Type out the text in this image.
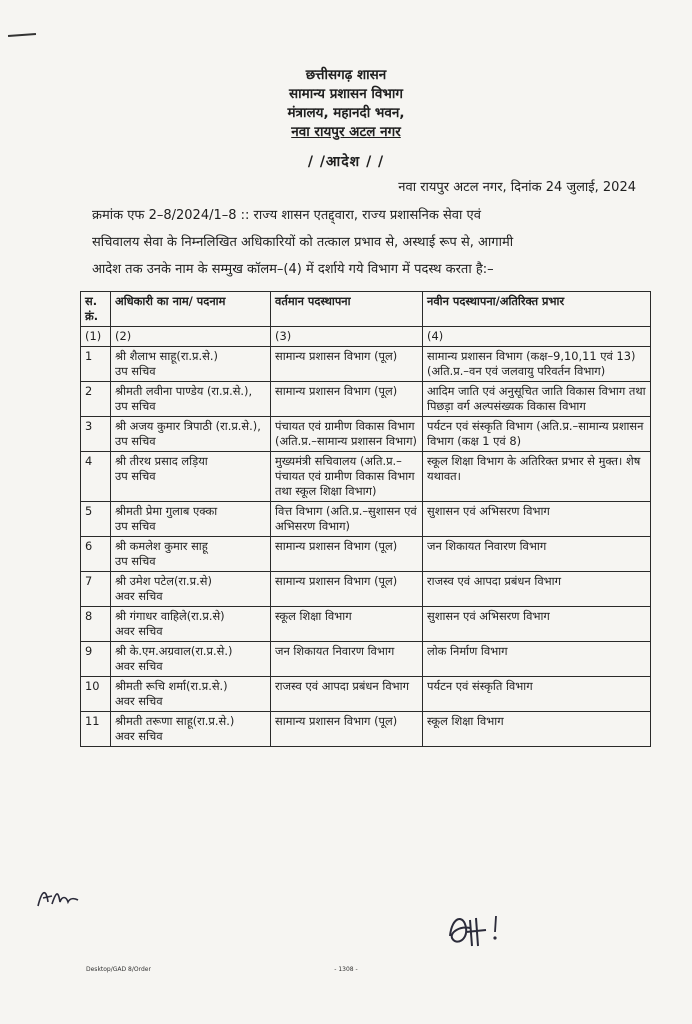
छत्तीसगढ़ शासन
सामान्य प्रशासन विभाग
मंत्रालय, महानदी भवन,
नवा रायपुर अटल नगर
/ /आदेश / /
नवा रायपुर अटल नगर, दिनांक 24 जुलाई, 2024
क्रमांक एफ 2–8/2024/1–8 :: राज्य शासन एतद्द्वारा, राज्य प्रशासनिक सेवा एवं
सचिवालय सेवा के निम्नलिखित अधिकारियों को तत्काल प्रभाव से, अस्थाई रूप से, आगामी
आदेश तक उनके नाम के सम्मुख कॉलम–(4) में दर्शाये गये विभाग में पदस्थ करता है:–
स. क्रं.	अधिकारी का नाम/ पदनाम	वर्तमान पदस्थापना	नवीन पदस्थापना/अतिरिक्त प्रभार
(1)	(2)	(3)	(4)

1	श्री शैलाभ साहू(रा.प्र.से.)
उप सचिव	सामान्य प्रशासन विभाग (पूल)	सामान्य प्रशासन विभाग (कक्ष–9,10,11 एवं 13) (अति.प्र.–वन एवं जलवायु परिवर्तन विभाग)

2	श्रीमती लवीना पाण्डेय (रा.प्र.से.),
उप सचिव	सामान्य प्रशासन विभाग (पूल)	आदिम जाति एवं अनुसूचित जाति विकास विभाग तथा पिछड़ा वर्ग अल्पसंख्यक विकास विभाग

3	श्री अजय कुमार त्रिपाठी (रा.प्र.से.),
उप सचिव	पंचायत एवं ग्रामीण विकास विभाग (अति.प्र.–सामान्य प्रशासन विभाग)	पर्यटन एवं संस्कृति विभाग (अति.प्र.–सामान्य प्रशासन विभाग (कक्ष 1 एवं 8)

4	श्री तीरथ प्रसाद लड़िया
उप सचिव	मुख्यमंत्री सचिवालय (अति.प्र.–पंचायत एवं ग्रामीण विकास विभाग तथा स्कूल शिक्षा विभाग)	स्कूल शिक्षा विभाग के अतिरिक्त प्रभार से मुक्त। शेष यथावत।

5	श्रीमती प्रेमा गुलाब एक्का
उप सचिव	वित्त विभाग (अति.प्र.–सुशासन एवं अभिसरण विभाग)	सुशासन एवं अभिसरण विभाग

6	श्री कमलेश कुमार साहू
उप सचिव	सामान्य प्रशासन विभाग (पूल)	जन शिकायत निवारण विभाग

7	श्री उमेश पटेल(रा.प्र.से)
अवर सचिव	सामान्य प्रशासन विभाग (पूल)	राजस्व एवं आपदा प्रबंधन विभाग

8	श्री गंगाधर वाहिले(रा.प्र.से)
अवर सचिव	स्कूल शिक्षा विभाग	सुशासन एवं अभिसरण विभाग

9	श्री के.एम.अग्रवाल(रा.प्र.से.)
अवर सचिव	जन शिकायत निवारण विभाग	लोक निर्माण विभाग

10	श्रीमती रूचि शर्मा(रा.प्र.से.)
अवर सचिव	राजस्व एवं आपदा प्रबंधन विभाग	पर्यटन एवं संस्कृति विभाग

11	श्रीमती तरूणा साहू(रा.प्र.से.)
अवर सचिव	सामान्य प्रशासन विभाग (पूल)	स्कूल शिक्षा विभाग
Desktop/GAD 8/Order	- 1308 -
